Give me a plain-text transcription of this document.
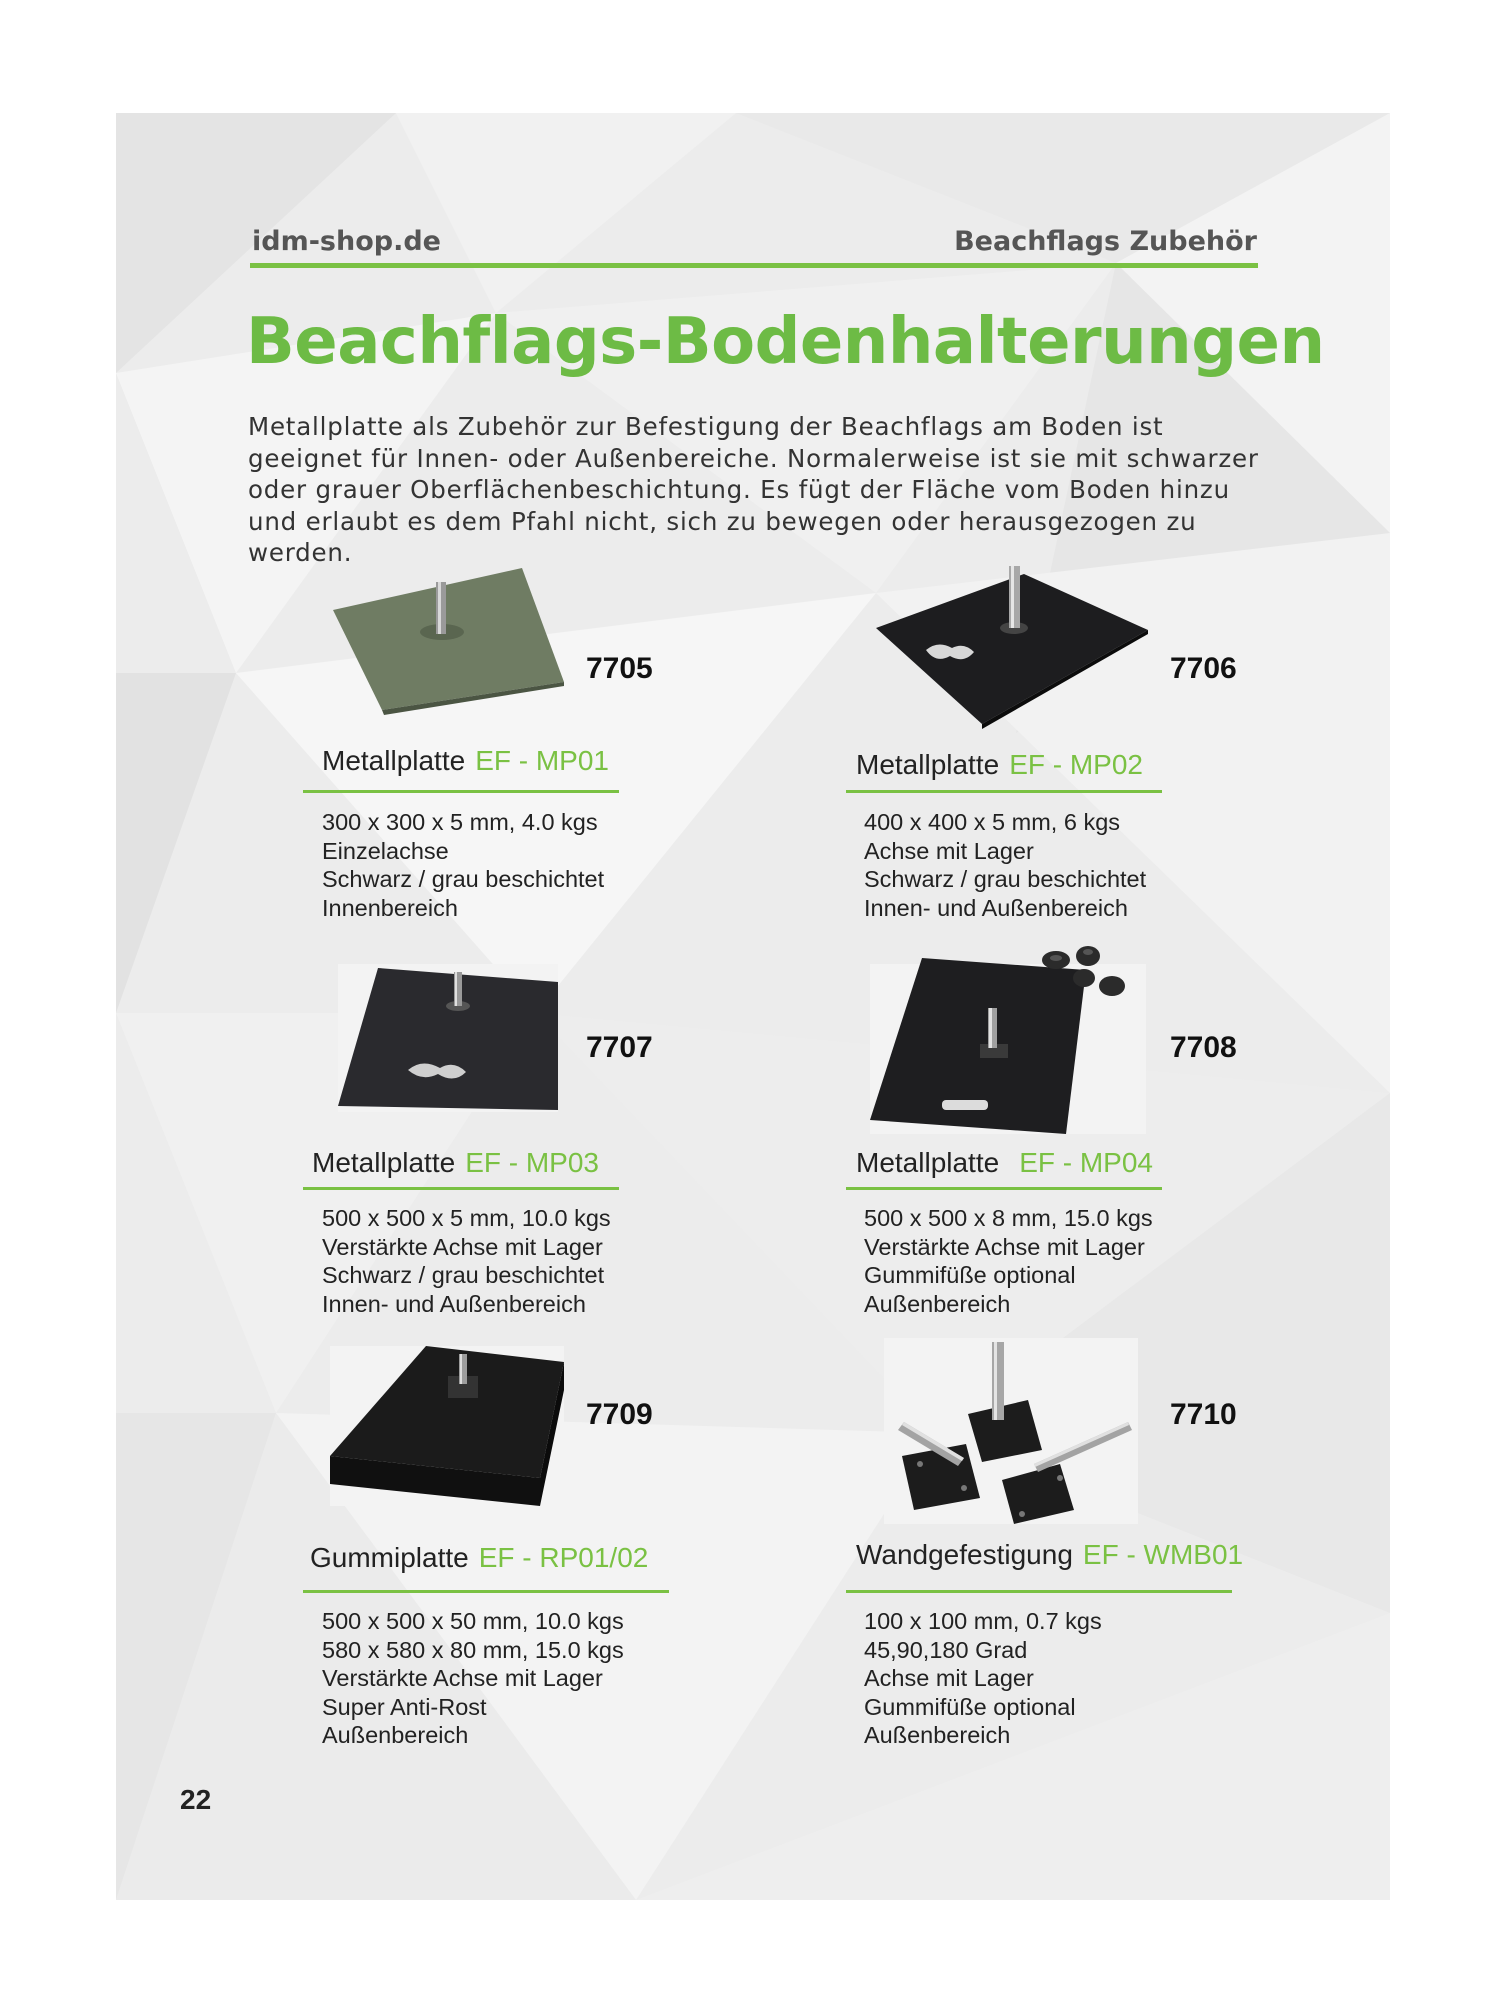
idm-shop.de	Beachflags Zubehör
Beachflags-Bodenhalterungen
Metallplatte als Zubehör zur Befestigung der Beachflags am Boden ist geeignet für Innen- oder Außenbereiche. Normalerweise ist sie mit schwarzer oder grauer Oberflächenbeschichtung. Es fügt der Fläche vom Boden hinzu und erlaubt es dem Pfahl nicht, sich zu bewegen oder herausgezogen zu werden.
7705
Metallplatte EF - MP01
300 x 300 x 5 mm, 4.0 kgs
Einzelachse
Schwarz / grau beschichtet
Innenbereich
7706
Metallplatte EF - MP02
400 x 400 x 5 mm, 6 kgs
Achse mit Lager
Schwarz / grau beschichtet
Innen- und Außenbereich
7707
Metallplatte EF - MP03
500 x 500 x 5 mm, 10.0 kgs
Verstärkte Achse mit Lager
Schwarz / grau beschichtet
Innen- und Außenbereich
7708
Metallplatte EF - MP04
500 x 500 x 8 mm, 15.0 kgs
Verstärkte Achse mit Lager
Gummifüße optional
Außenbereich
7709
Gummiplatte EF - RP01/02
500 x 500 x 50 mm, 10.0 kgs
580 x 580 x 80 mm, 15.0 kgs
Verstärkte Achse mit Lager
Super Anti-Rost
Außenbereich
7710
Wandgefestigung EF - WMB01
100 x 100 mm, 0.7 kgs
45,90,180 Grad
Achse mit Lager
Gummifüße optional
Außenbereich
22
